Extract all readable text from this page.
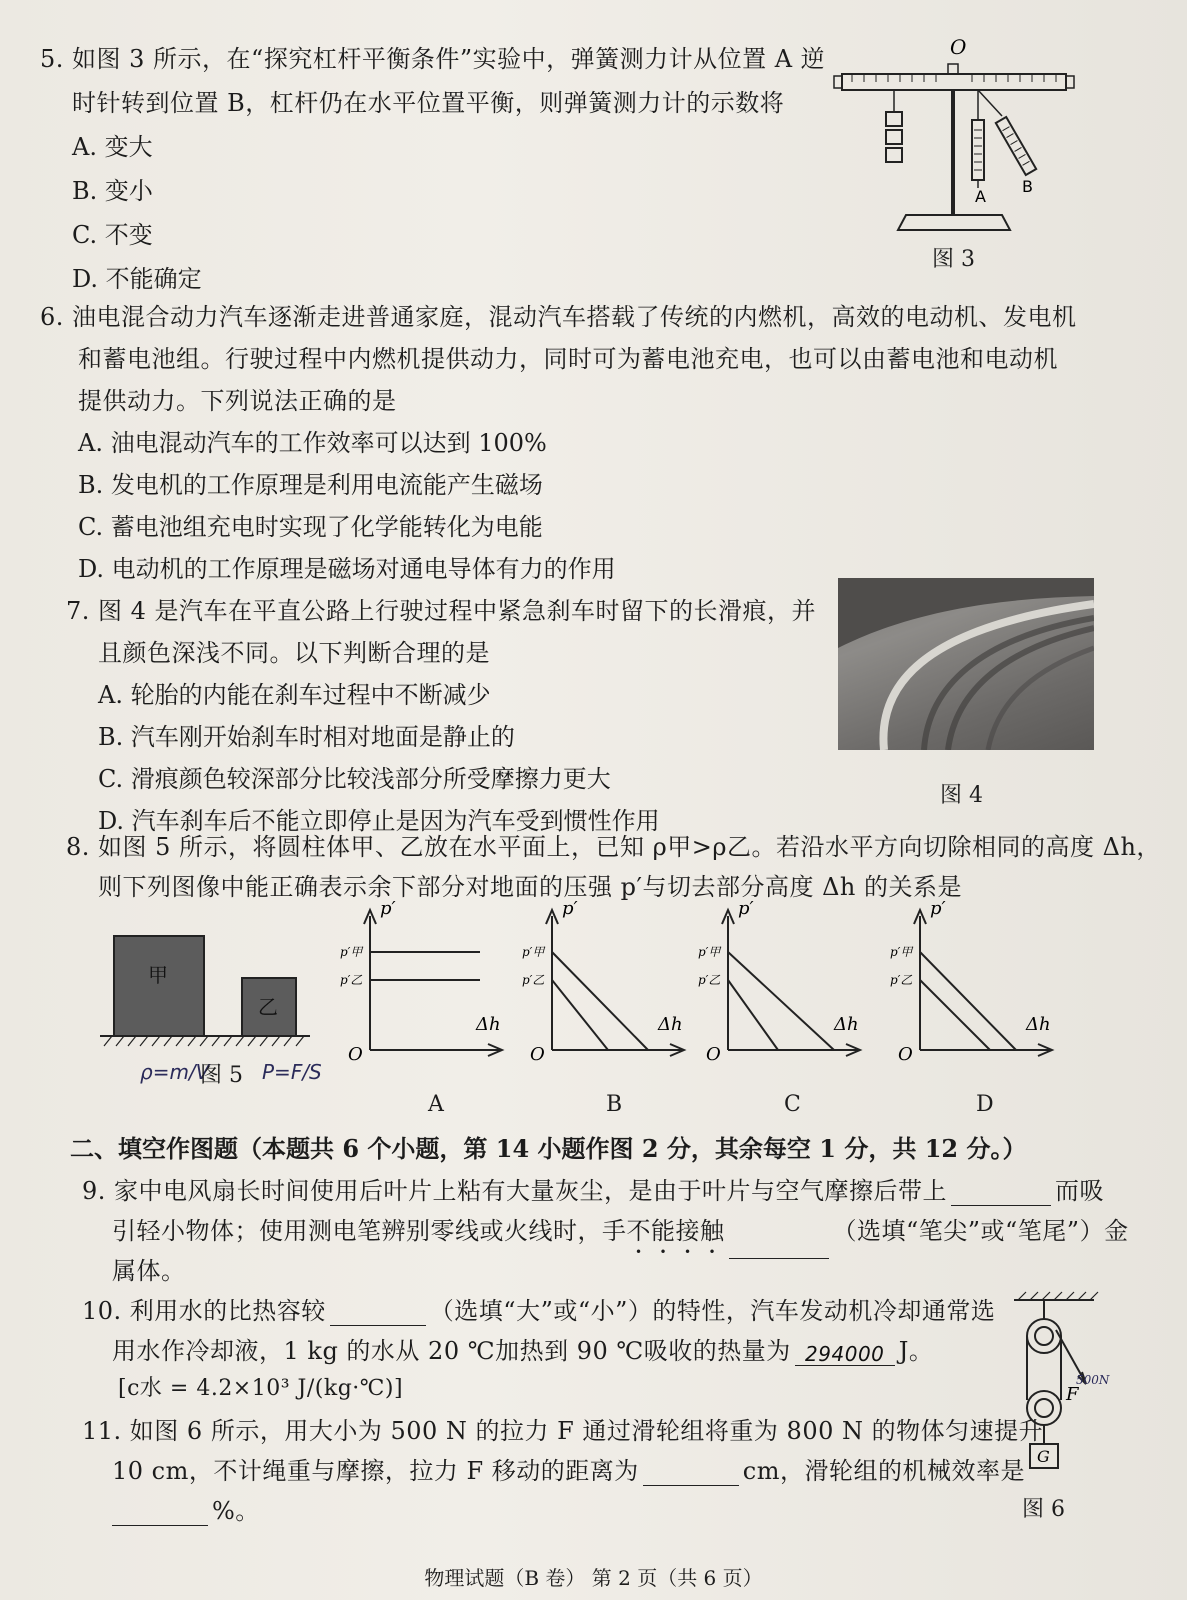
5. 如图 3 所示，在“探究杠杆平衡条件”实验中，弹簧测力计从位置 A 逆
时针转到位置 B，杠杆仍在水平位置平衡，则弹簧测力计的示数将
A. 变大
B. 变小
C. 不变
D. 不能确定
O
A
B
图 3
6. 油电混合动力汽车逐渐走进普通家庭，混动汽车搭载了传统的内燃机，高效的电动机、发电机
和蓄电池组。行驶过程中内燃机提供动力，同时可为蓄电池充电，也可以由蓄电池和电动机
提供动力。下列说法正确的是
A. 油电混动汽车的工作效率可以达到 100%
B. 发电机的工作原理是利用电流能产生磁场
C. 蓄电池组充电时实现了化学能转化为电能
D. 电动机的工作原理是磁场对通电导体有力的作用
7. 图 4 是汽车在平直公路上行驶过程中紧急刹车时留下的长滑痕，并
且颜色深浅不同。以下判断合理的是
A. 轮胎的内能在刹车过程中不断减少
B. 汽车刚开始刹车时相对地面是静止的
C. 滑痕颜色较深部分比较浅部分所受摩擦力更大
D. 汽车刹车后不能立即停止是因为汽车受到惯性作用
图 4
8. 如图 5 所示，将圆柱体甲、乙放在水平面上，已知 ρ甲>ρ乙。若沿水平方向切除相同的高度 Δh，
则下列图像中能正确表示余下部分对地面的压强 p′与切去部分高度 Δh 的关系是
甲
乙
ρ=m/V
图 5 P=F/S
p′
p′甲
p′乙
Δh
O
A
p′
p′甲
p′乙
Δh
O
B
p′
p′甲
p′乙
Δh
O
C
p′
p′甲
p′乙
Δh
O
D
二、填空作图题（本题共 6 个小题，第 14 小题作图 2 分，其余每空 1 分，共 12 分。）
9. 家中电风扇长时间使用后叶片上粘有大量灰尘，是由于叶片与空气摩擦后带上	而吸
引轻小物体；使用测电笔辨别零线或火线时，手不能接触	（选填“笔尖”或“笔尾”）金
属体。
10. 利用水的比热容较	（选填“大”或“小”）的特性，汽车发动机冷却通常选
用水作冷却液，1 kg 的水从 20 ℃加热到 90 ℃吸收的热量为 294000 J。
[c水 = 4.2×10³ J/(kg·℃)]
11. 如图 6 所示，用大小为 500 N 的拉力 F 通过滑轮组将重为 800 N 的物体匀速提升
10 cm，不计绳重与摩擦，拉力 F 移动的距离为	cm，滑轮组的机械效率是
%。
G
F
500N
图 6
物理试题（B 卷） 第 2 页（共 6 页）
